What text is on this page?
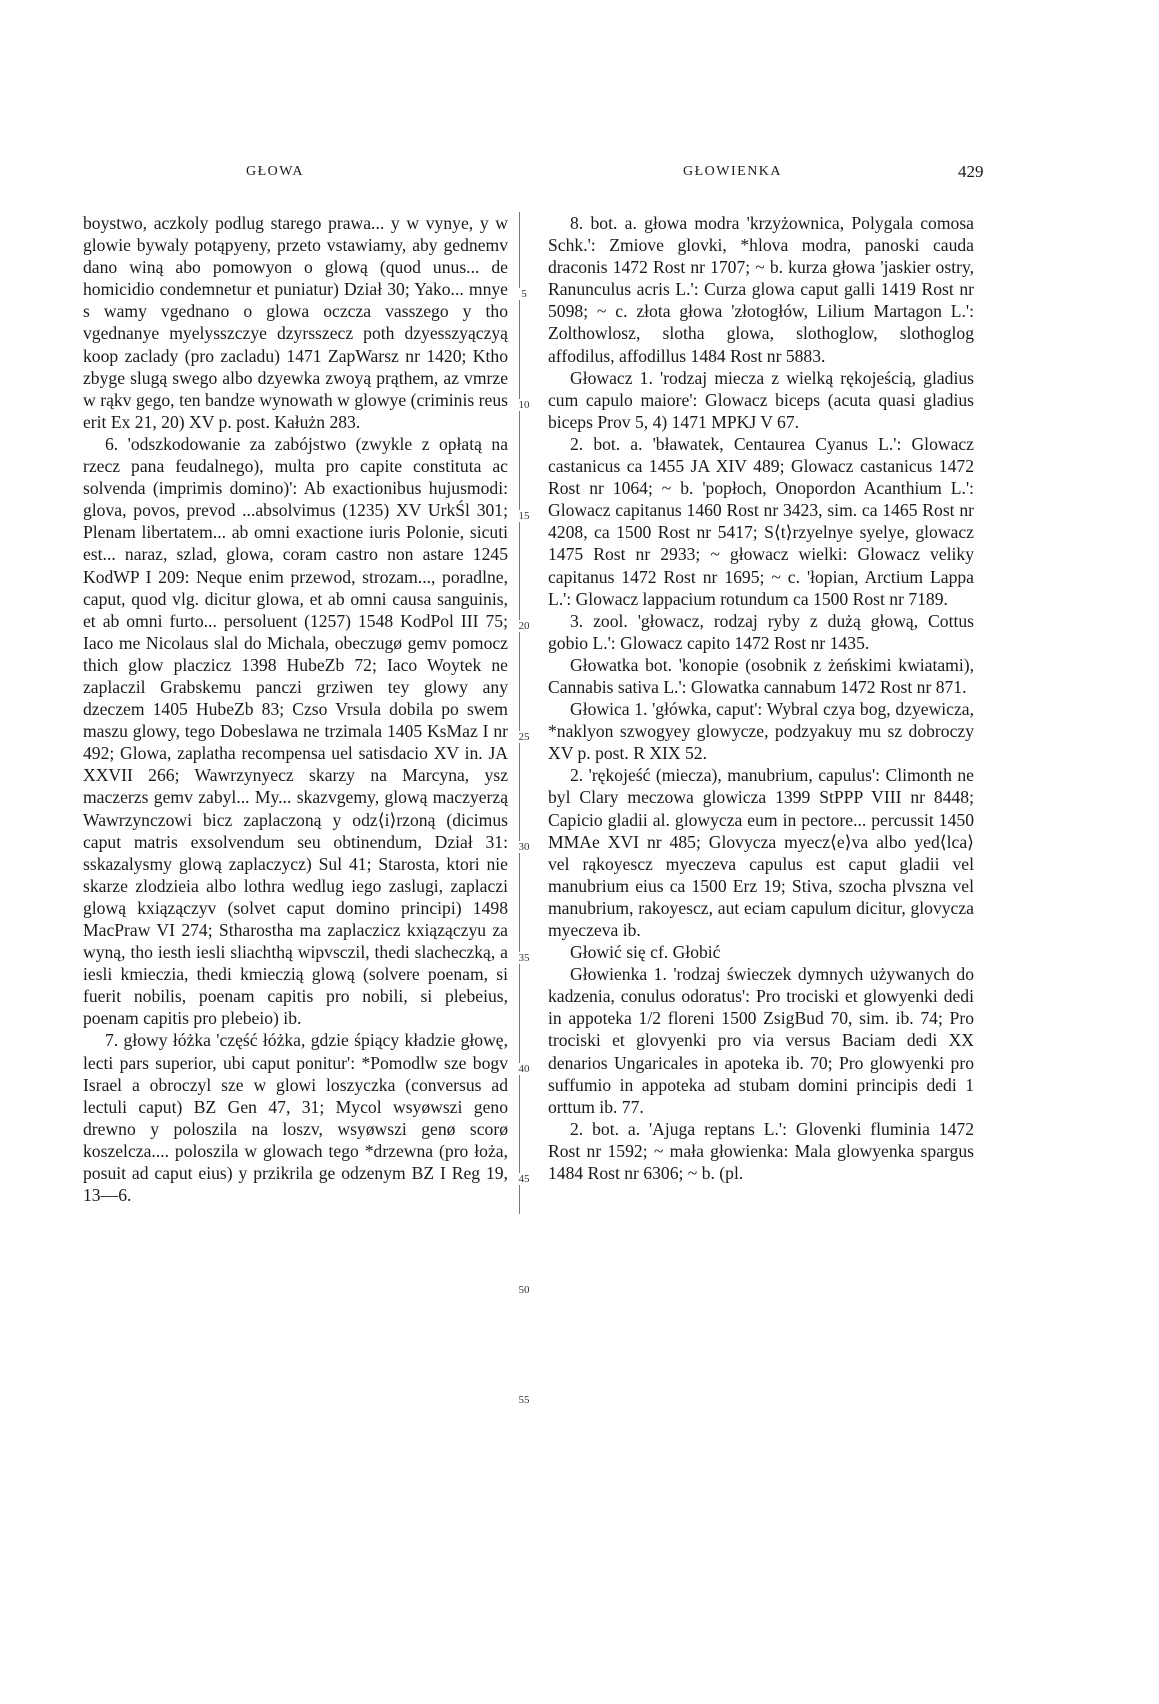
GŁOWA	GŁOWIENKA	429

boystwo, aczkoly podlug starego prawa... y w vynye, y w glowie bywaly potąpyeny, przeto vstawiamy, aby gednemv dano winą abo pomowyon o glową (quod unus... de homicidio condemnetur et puniatur) Dział 30; Yako... mnye s wamy vgednano o glowa oczcza vasszego y tho vgednanye myelysszczye dzyrsszecz poth dzyesszyączyą koop zaclady (pro zacladu) 1471 ZapWarsz nr 1420; Ktho zbyge slugą swego albo dzyewka zwoyą prąthem, az vmrze w rąkv gego, ten bandze wynowath w glowye (criminis reus erit Ex 21, 20) XV p. post. Kałużn 283.

6. 'odszkodowanie za zabójstwo (zwykle z opłatą na rzecz pana feudalnego), multa pro capite constituta ac solvenda (imprimis domino)': Ab exactionibus hujusmodi: glova, povos, prevod ...absolvimus (1235) XV UrkŚl 301; Plenam libertatem... ab omni exactione iuris Polonie, sicuti est... naraz, szlad, glowa, coram castro non astare 1245 KodWP I 209: Neque enim przewod, strozam..., poradlne, caput, quod vlg. dicitur glowa, et ab omni causa sanguinis, et ab omni furto... persoluent (1257) 1548 KodPol III 75; Iaco me Nicolaus slal do Michala, obeczugø gemv pomocz thich glow placzicz 1398 HubeZb 72; Iaco Woytek ne zaplaczil Grabskemu panczi grziwen tey glowy any dzeczem 1405 HubeZb 83; Czso Vrsula dobila po swem maszu glowy, tego Dobeslawa ne trzimala 1405 KsMaz I nr 492; Glowa, zaplatha recompensa uel satisdacio XV in. JA XXVII 266; Wawrzynyecz skarzy na Marcyna, ysz maczerzs gemv zabyl... My... skazvgemy, glową maczyerzą Wawrzynczowi bicz zaplaczoną y odz⟨i⟩rzoną (dicimus caput matris exsolvendum seu obtinendum, Dział 31: sskazalysmy glową zaplaczycz) Sul 41; Starosta, ktori nie skarze zlodzieia albo lothra wedlug iego zaslugi, zaplaczi glową kxiązączyv (solvet caput domino principi) 1498 MacPraw VI 274; Stharostha ma zaplaczicz kxiązączyu za wyną, tho iesth iesli sliachthą wipvsczil, thedi slacheczką, a iesli kmieczia, thedi kmieczią glową (solvere poenam, si fuerit nobilis, poenam capitis pro nobili, si plebeius, poenam capitis pro plebeio) ib.

7. głowy łóżka 'część łóżka, gdzie śpiący kładzie głowę, lecti pars superior, ubi caput ponitur': *Pomodlw sze bogv Israel a obroczyl sze w glowi loszyczka (conversus ad lectuli caput) BZ Gen 47, 31; Mycol wsyøwszi geno drewno y poloszila na loszv, wsyøwszi genø scorø koszelcza.... poloszila w glowach tego *drzewna (pro łoża, posuit ad caput eius) y przikrila ge odzenym BZ I Reg 19, 13—6.

5
10
15
20
25
30
35
40
45
50
55

8. bot. a. głowa modra 'krzyżownica, Polygala comosa Schk.': Zmiove glovki, *hlova modra, panoski cauda draconis 1472 Rost nr 1707; ~ b. kurza głowa 'jaskier ostry, Ranunculus acris L.': Curza glowa caput galli 1419 Rost nr 5098; ~ c. złota głowa 'złotogłów, Lilium Martagon L.': Zolthowlosz, slotha glowa, slothoglow, slothoglog affodilus, affodillus 1484 Rost nr 5883.

Głowacz 1. 'rodzaj miecza z wielką rękojeścią, gladius cum capulo maiore': Glowacz biceps (acuta quasi gladius biceps Prov 5, 4) 1471 MPKJ V 67.

2. bot. a. 'bławatek, Centaurea Cyanus L.': Glowacz castanicus ca 1455 JA XIV 489; Glowacz castanicus 1472 Rost nr 1064; ~ b. 'popłoch, Onopordon Acanthium L.': Glowacz capitanus 1460 Rost nr 3423, sim. ca 1465 Rost nr 4208, ca 1500 Rost nr 5417; S⟨t⟩rzyelnye syelye, glowacz 1475 Rost nr 2933; ~ głowacz wielki: Glowacz veliky capitanus 1472 Rost nr 1695; ~ c. 'łopian, Arctium Lappa L.': Glowacz lappacium rotundum ca 1500 Rost nr 7189.

3. zool. 'głowacz, rodzaj ryby z dużą głową, Cottus gobio L.': Glowacz capito 1472 Rost nr 1435.

Głowatka bot. 'konopie (osobnik z żeńskimi kwiatami), Cannabis sativa L.': Glowatka cannabum 1472 Rost nr 871.

Głowica 1. 'główka, caput': Wybral czya bog, dzyewicza, *naklyon szwogyey glowycze, podzyakuy mu sz dobroczy XV p. post. R XIX 52.

2. 'rękojeść (miecza), manubrium, capulus': Climonth ne byl Clary meczowa glowicza 1399 StPPP VIII nr 8448; Capicio gladii al. glowycza eum in pectore... percussit 1450 MMAe XVI nr 485; Glovycza myecz⟨e⟩va albo yed⟨lca⟩ vel rąkoyescz myeczeva capulus est caput gladii vel manubrium eius ca 1500 Erz 19; Stiva, szocha plvszna vel manubrium, rakoyescz, aut eciam capulum dicitur, glovycza myeczeva ib.

Głowić się cf. Głobić

Głowienka 1. 'rodzaj świeczek dymnych używanych do kadzenia, conulus odoratus': Pro trociski et glowyenki dedi in appoteka 1/2 floreni 1500 ZsigBud 70, sim. ib. 74; Pro trociski et glovyenki pro via versus Baciam dedi XX denarios Ungaricales in apoteka ib. 70; Pro glowyenki pro suffumio in appoteka ad stubam domini principis dedi 1 orttum ib. 77.

2. bot. a. 'Ajuga reptans L.': Glovenki fluminia 1472 Rost nr 1592; ~ mała głowienka: Mala glowyenka spargus 1484 Rost nr 6306; ~ b. (pl.
